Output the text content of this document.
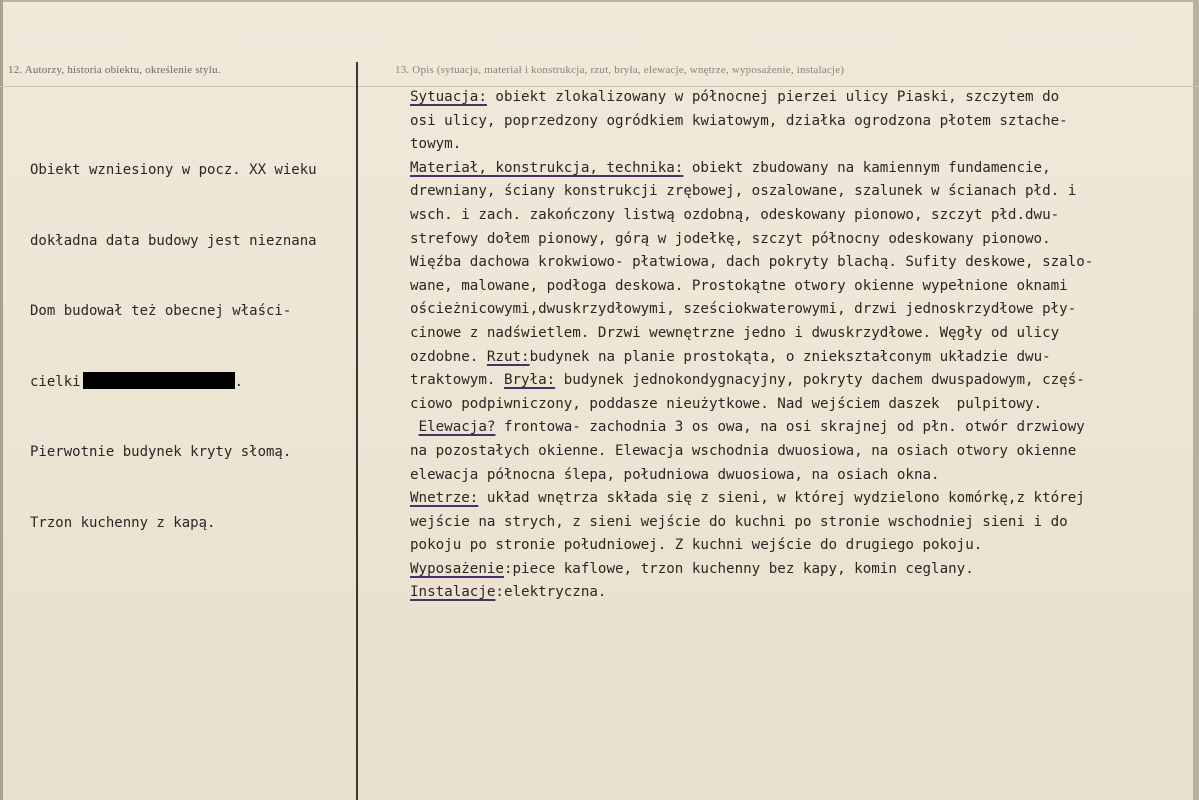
12. Autorzy, historia obiektu, określenie stylu.	13. Opis (sytuacja, materiał i konstrukcja, rzut, bryła, elewacje, wnętrze, wyposażenie, instalacje)

Obiekt wzniesiony w pocz. XX wieku

dokładna data budowy jest nieznana

Dom budował też obecnej właści-

cielki	.

Pierwotnie budynek kryty słomą.

Trzon kuchenny z kapą.

Sytuacja: obiekt zlokalizowany w północnej pierzei ulicy Piaski, szczytem do
osi ulicy, poprzedzony ogródkiem kwiatowym, działka ogrodzona płotem sztache-
towym.
Materiał, konstrukcja, technika: obiekt zbudowany na kamiennym fundamencie,
drewniany, ściany konstrukcji zrębowej, oszalowane, szalunek w ścianach płd. i
wsch. i zach. zakończony listwą ozdobną, odeskowany pionowo, szczyt płd.dwu-
strefowy dołem pionowy, górą w jodełkę, szczyt północny odeskowany pionowo.
Więźba dachowa krokwiowo- płatwiowa, dach pokryty blachą. Sufity deskowe, szalo-
wane, malowane, podłoga deskowa. Prostokątne otwory okienne wypełnione oknami
ościeżnicowymi,dwuskrzydłowymi, sześciokwaterowymi, drzwi jednoskrzydłowe pły-
cinowe z nadświetlem. Drzwi wewnętrzne jedno i dwuskrzydłowe. Węgły od ulicy
ozdobne. Rzut:budynek na planie prostokąta, o zniekształconym układzie dwu-
traktowym. Bryła: budynek jednokondygnacyjny, pokryty dachem dwuspadowym, częś-
ciowo podpiwniczony, poddasze nieużytkowe. Nad wejściem daszek  pulpitowy.
Elewacja? frontowa- zachodnia 3 os owa, na osi skrajnej od płn. otwór drzwiowy
na pozostałych okienne. Elewacja wschodnia dwuosiowa, na osiach otwory okienne
elewacja północna ślepa, południowa dwuosiowa, na osiach okna.
Wnetrze: układ wnętrza składa się z sieni, w której wydzielono komórkę,z której
wejście na strych, z sieni wejście do kuchni po stronie wschodniej sieni i do
pokoju po stronie południowej. Z kuchni wejście do drugiego pokoju.
Wyposażenie:piece kaflowe, trzon kuchenny bez kapy, komin ceglany.
Instalacje:elektryczna.
